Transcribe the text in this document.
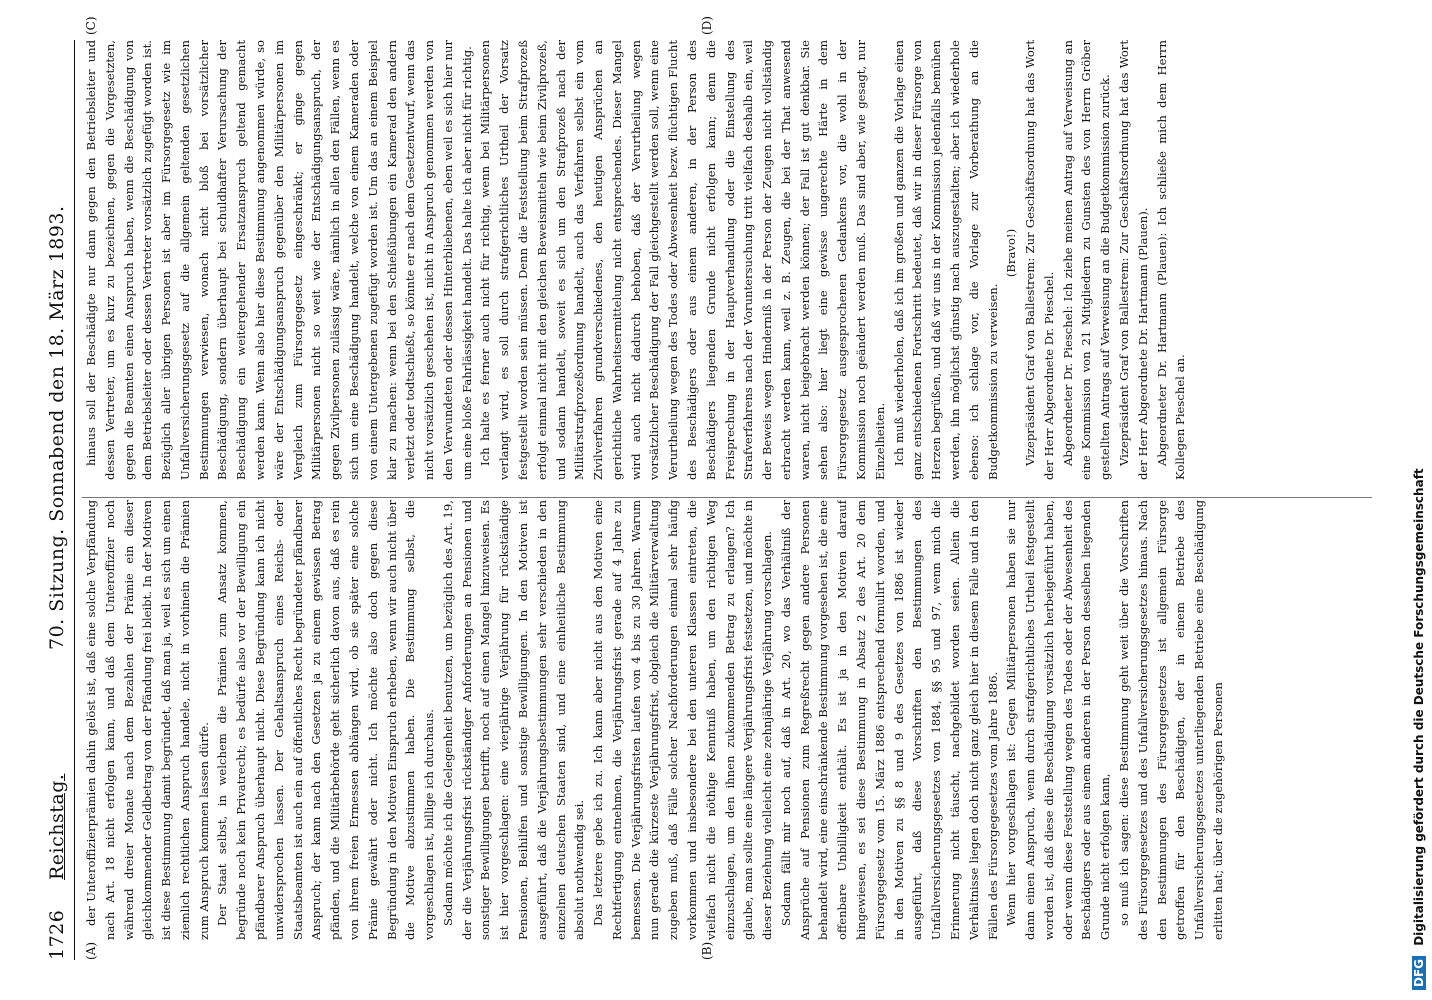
DFG Digitalisierung gefördert durch die Deutsche Forschungsgemeinschaft
1726
Reichstag.
70. Sitzung. Sonnabend den 18. März 1893.
(A)	(B)
(C)	(D)

der Unteroffizierprämien dahin gelöst ist, daß eine solche Verpfändung nach Art. 18 nicht erfolgen kann, und daß dem Unteroffizier noch während dreier Monate nach dem Bezahlen der Prämie ein dieser gleichkommender Geldbetrag von der Pfändung frei bleibt. In der Motiven ist diese Bestimmung damit begründet, daß man ja, weil es sich um einen ziemlich rechtlichen Anspruch handele, nicht in vorhinein die Prämien zum Anspruch kommen lassen dürfe. Der Staat selbst, in welchem die Prämien zum Ansatz kommen, begründe noch kein Privatrecht; es bedürfe also vor der Bewilligung ein pfändbarer Anspruch überhaupt nicht. Diese Begründung kann ich nicht unwidersprochen lassen. Der Gehaltsanspruch eines Reichs- oder Staatsbeamten ist auch ein auf öffentliches Recht begründeter pfändbarer Anspruch; der kann nach den Gesetzen ja zu einem gewissen Betrag pfänden, und die Militärbehörde geht sicherlich davon aus, daß es rein von ihrem freien Ermessen abhängen wird, ob sie später eine solche Prämie gewährt oder nicht. Ich möchte also doch gegen diese Begründung in den Motiven Einspruch erheben, wenn wir auch nicht über die Motive abzustimmen haben. Die Bestimmung selbst, die vorgeschlagen ist, billige ich durchaus. Sodann möchte ich die Gelegenheit benutzen, um bezüglich des Art. 19, der die Verjährungsfrist rückständiger Anforderungen an Pensionen und sonstiger Bewilligungen betrifft, noch auf einen Mangel hinzuweisen. Es ist hier vorgeschlagen: eine vierjährige Verjährung für rückständige Pensionen, Beihilfen und sonstige Bewilligungen. In den Motiven ist ausgeführt, daß die Verjährungsbestimmungen sehr verschieden in den einzelnen deutschen Staaten sind, und eine einheitliche Bestimmung absolut nothwendig sei. Das letztere gebe ich zu. Ich kann aber nicht aus den Motiven eine Rechtfertigung entnehmen, die Verjährungsfrist gerade auf 4 Jahre zu bemessen. Die Verjährungsfristen laufen von 4 bis zu 30 Jahren. Warum nun gerade die kürzeste Verjährungsfrist, obgleich die Militärverwaltung zugeben muß, daß Fälle solcher Nachforderungen einmal sehr häufig vorkommen und insbesondere bei den unteren Klassen eintreten, die vielfach nicht die nöthige Kenntniß haben, um den richtigen Weg einzuschlagen, um den ihnen zukommenden Betrag zu erlangen? Ich glaube, man sollte eine längere Verjährungsfrist festsetzen, und möchte in dieser Beziehung vielleicht eine zehnjährige Verjährung vorschlagen. Sodann fällt mir noch auf, daß in Art. 20, wo das Verhältniß der Ansprüche auf Pensionen zum Regreßrecht gegen andere Personen behandelt wird, eine einschränkende Bestimmung vorgesehen ist, die eine offenbare Unbilligkeit enthält. Es ist ja in den Motiven darauf hingewiesen, es sei diese Bestimmung in Absatz 2 des Art. 20 dem Fürsorgegesetz vom 15. März 1886 entsprechend formulirt worden, und in den Motiven zu §§ 8 und 9 des Gesetzes von 1886 ist wieder ausgeführt, daß diese Vorschriften den Bestimmungen des Unfallversicherungsgesetzes von 1884, §§ 95 und 97, wenn mich die Erinnerung nicht täuscht, nachgebildet worden seien. Allein die Verhältnisse liegen doch nicht ganz gleich hier in diesem Falle und in den Fällen des Fürsorgegesetzes vom Jahre 1886. Wenn hier vorgeschlagen ist: Gegen Militärpersonen haben sie nur dann einen Anspruch, wenn durch strafgerichtliches Urtheil festgestellt worden ist, daß diese die Beschädigung vorsätzlich herbeigeführt haben, oder wenn diese Feststellung wegen des Todes oder der Abwesenheit des Beschädigers oder aus einem anderen in der Person desselben liegenden Grunde nicht erfolgen kann, so muß ich sagen: diese Bestimmung geht weit über die Vorschriften des Fürsorgegesetzes und des Unfallversicherungsgesetzes hinaus. Nach den Bestimmungen des Fürsorgegesetzes ist allgemein Fürsorge getroffen für den Beschädigten, der in einem Betriebe des Unfallversicherungsgesetzes unterliegenden Betriebe eine Beschädigung erlitten hat; über die zugehörigen Personen

hinaus soll der Beschädigte nur dann gegen den Betriebsleiter und dessen Vertreter, um es kurz zu bezeichnen, gegen die Vorgesetzten, gegen die Beamten einen Anspruch haben, wenn die Beschädigung von dem Betriebsleiter oder dessen Vertreter vorsätzlich zugefügt worden ist. Bezüglich aller übrigen Personen ist aber im Fürsorgegesetz wie im Unfallversicherungsgesetz auf die allgemein geltenden gesetzlichen Bestimmungen verwiesen, wonach nicht bloß bei vorsätzlicher Beschädigung, sondern überhaupt bei schuldhafter Verursachung der Beschädigung ein weitergehender Ersatzanspruch geltend gemacht werden kann. Wenn also hier diese Bestimmung angenommen würde, so wäre der Entschädigungsanspruch gegenüber den Militärpersonen im Vergleich zum Fürsorgegesetz eingeschränkt; er ginge gegen Militärpersonen nicht so weit wie der Entschädigungsanspruch, der gegen Zivilpersonen zulässig wäre, nämlich in allen den Fällen, wenn es sich um eine Beschädigung handelt, welche von einem Kameraden oder von einem Untergebenen zugefügt worden ist. Um das an einem Beispiel klar zu machen: wenn bei den Schießübungen ein Kamerad den andern verletzt oder todtschießt, so könnte er nach dem Gesetzentwurf, wenn das nicht vorsätzlich geschehen ist, nicht in Anspruch genommen werden von den Verwundeten oder dessen Hinterbliebenen, eben weil es sich hier nur um eine bloße Fahrlässigkeit handelt. Das halte ich aber nicht für richtig. Ich halte es ferner auch nicht für richtig, wenn bei Militärpersonen verlangt wird, es soll durch strafgerichtliches Urtheil der Vorsatz festgestellt worden sein müssen. Denn die Feststellung beim Strafprozeß erfolgt einmal nicht mit den gleichen Beweismitteln wie beim Zivilprozeß, und sodann handelt, soweit es sich um den Strafprozeß nach der Militärstrafprozeßordnung handelt, auch das Verfahren selbst ein vom Zivilverfahren grundverschiedenes, den heutigen Ansprüchen an gerichtliche Wahrheitsermittelung nicht entsprechendes. Dieser Mangel wird auch nicht dadurch behoben, daß der Verurtheilung wegen vorsätzlicher Beschädigung der Fall gleichgestellt werden soll, wenn eine Verurtheilung wegen des Todes oder Abwesenheit bezw. flüchtigen Flucht des Beschädigers oder aus einem anderen, in der Person des Beschädigers liegenden Grunde nicht erfolgen kann; denn die Freisprechung in der Hauptverhandlung oder die Einstellung des Strafverfahrens nach der Voruntersuchung tritt vielfach deshalb ein, weil der Beweis wegen Hinderniß in der Person der Zeugen nicht vollständig erbracht werden kann, weil z. B. Zeugen, die bei der That anwesend waren, nicht beigebracht werden können; der Fall ist gut denkbar. Sie sehen also: hier liegt eine gewisse ungerechte Härte in dem Fürsorgegesetz ausgesprochenen Gedankens vor, die wohl in der Kommission noch geändert werden muß. Das sind aber, wie gesagt, nur Einzelheiten. Ich muß wiederholen, daß ich im großen und ganzen die Vorlage einen ganz entschiedenen Fortschritt bedeutet, daß wir in dieser Fürsorge von Herzen begrüßen, und daß wir uns in der Kommission jedenfalls bemühen werden, ihn möglichst günstig nach auszugestalten; aber ich wiederhole ebenso: ich schlage vor, die Vorlage zur Vorberathung an die Budgetkommission zu verweisen.

(Bravo!) Vizepräsident Graf von Ballestrem: Zur Geschäftsordnung hat das Wort der Herr Abgeordnete Dr. Pieschel. Abgeordneter Dr. Pieschel: Ich ziehe meinen Antrag auf Verweisung an eine Kommission von 21 Mitgliedern zu Gunsten des von Herrn Gröber gestellten Antrags auf Verweisung an die Budgetkommission zurück. Vizepräsident Graf von Ballestrem: Zur Geschäftsordnung hat das Wort der Herr Abgeordnete Dr. Hartmann (Plauen). Abgeordneter Dr. Hartmann (Plauen): Ich schließe mich dem Herrn Kollegen Pieschel an.
